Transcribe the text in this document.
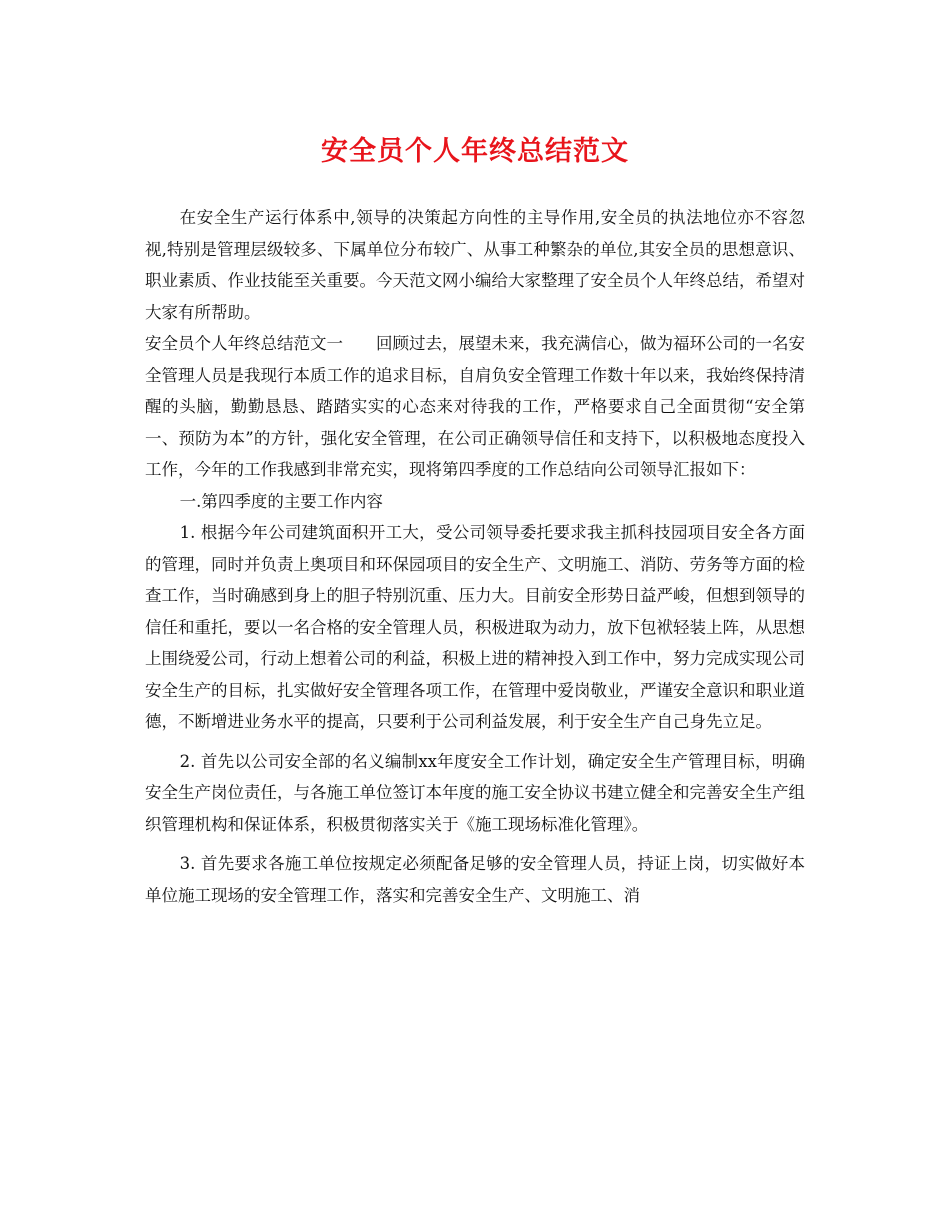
安全员个人年终总结范文

在安全生产运行体系中,领导的决策起方向性的主导作用,安全员的执法地位亦不容忽视,特别是管理层级较多、下属单位分布较广、从事工种繁杂的单位,其安全员的思想意识、职业素质、作业技能至关重要。今天范文网小编给大家整理了安全员个人年终总结，希望对大家有所帮助。

安全员个人年终总结范文一　　回顾过去，展望未来，我充满信心，做为福环公司的一名安全管理人员是我现行本质工作的追求目标，自肩负安全管理工作数十年以来，我始终保持清醒的头脑，勤勤恳恳、踏踏实实的心态来对待我的工作，严格要求自己全面贯彻“安全第一、预防为本”的方针，强化安全管理，在公司正确领导信任和支持下，以积极地态度投入工作，今年的工作我感到非常充实，现将第四季度的工作总结向公司领导汇报如下：

一.第四季度的主要工作内容

1. 根据今年公司建筑面积开工大，受公司领导委托要求我主抓科技园项目安全各方面的管理，同时并负责上奥项目和环保园项目的安全生产、文明施工、消防、劳务等方面的检查工作，当时确感到身上的胆子特别沉重、压力大。目前安全形势日益严峻，但想到领导的信任和重托，要以一名合格的安全管理人员，积极进取为动力，放下包袱轻装上阵，从思想上围绕爱公司，行动上想着公司的利益，积极上进的精神投入到工作中，努力完成实现公司安全生产的目标，扎实做好安全管理各项工作，在管理中爱岗敬业，严谨安全意识和职业道德，不断增进业务水平的提高，只要利于公司利益发展，利于安全生产自己身先立足。

2. 首先以公司安全部的名义编制xx年度安全工作计划，确定安全生产管理目标，明确安全生产岗位责任，与各施工单位签订本年度的施工安全协议书建立健全和完善安全生产组织管理机构和保证体系，积极贯彻落实关于《施工现场标准化管理》。

3. 首先要求各施工单位按规定必须配备足够的安全管理人员，持证上岗，切实做好本单位施工现场的安全管理工作，落实和完善安全生产、文明施工、消
